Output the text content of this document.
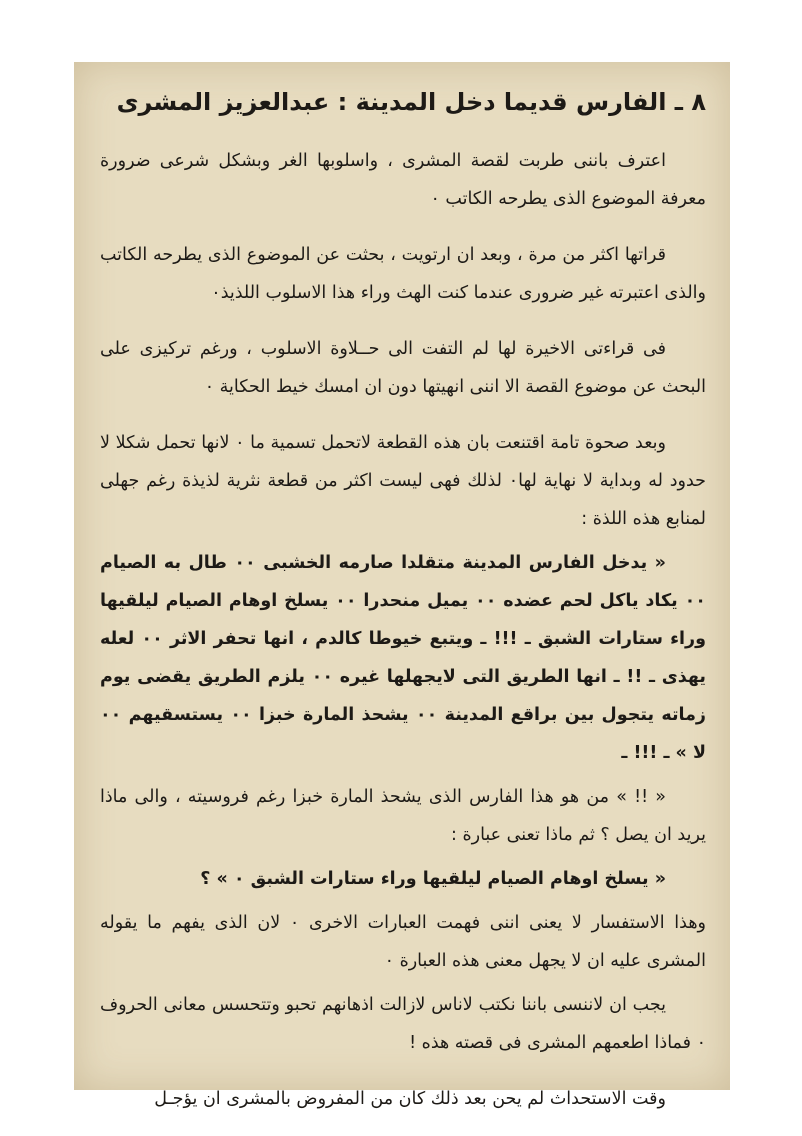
٨ ـ الفارس قديما دخل المدينة : عبدالعزيز المشرى

اعترف باننى طربت لقصة المشرى ، واسلوبها الغر وبشكل شرعى ضرورة معرفة الموضوع الذى يطرحه الكاتب ٠

قراتها اكثر من مرة ، وبعد ان ارتويت ، بحثت عن الموضوع الذى يطرحه الكاتب والذى اعتبرته غير ضرورى عندما كنت الهث وراء هذا الاسلوب اللذيذ٠

فى قراءتى الاخيرة لها لم التفت الى حــلاوة الاسلوب ، ورغم تركيزى على البحث عن موضوع القصة الا اننى انهيتها دون ان امسك خيط الحكاية ٠

وبعد صحوة تامة اقتنعت بان هذه القطعة لاتحمل تسمية ما ٠ لانها تحمل شكلا لا حدود له وبداية لا نهاية لها٠ لذلك فهى ليست اكثر من قطعة نثرية لذيذة رغم جهلى لمنابع هذه اللذة :

« يدخل الفارس المدينة متقلدا صارمه الخشبى ٠٠ طال به الصيام ٠٠ يكاد ياكل لحم عضده ٠٠ يميل منحدرا ٠٠ يسلخ اوهام الصيام ليلقيها وراء ستارات الشبق ـ !!! ـ ويتبع خيوطا كالدم ، انها تحفر الاثر ٠٠ لعله يهذى ـ !! ـ انها الطريق التى لايجهلها غيره ٠٠ يلزم الطريق يقضى يوم زماته يتجول بين براقع المدينة ٠٠ يشحذ المارة خبزا ٠٠ يستسقيهم ٠٠ لا » ـ !!! ـ

« !! » من هو هذا الفارس الذى يشحذ المارة خبزا رغم فروسيته ، والى ماذا يريد ان يصل ؟ ثم ماذا تعنى عبارة :

« يسلخ اوهام الصيام ليلقيها وراء ستارات الشبق ٠ » ؟

وهذا الاستفسار لا يعنى اننى فهمت العبارات الاخرى ٠ لان الذى يفهم ما يقوله المشرى عليه ان لا يجهل معنى هذه العبارة ٠

يجب ان لاننسى باننا نكتب لاناس لازالت اذهانهم تحبو وتتحسس معانى الحروف ٠ فماذا اطعمهم المشرى فى قصته هذه !

وقت الاستحداث لم يحن بعد ذلك كان من المفروض بالمشرى ان يؤجـل
